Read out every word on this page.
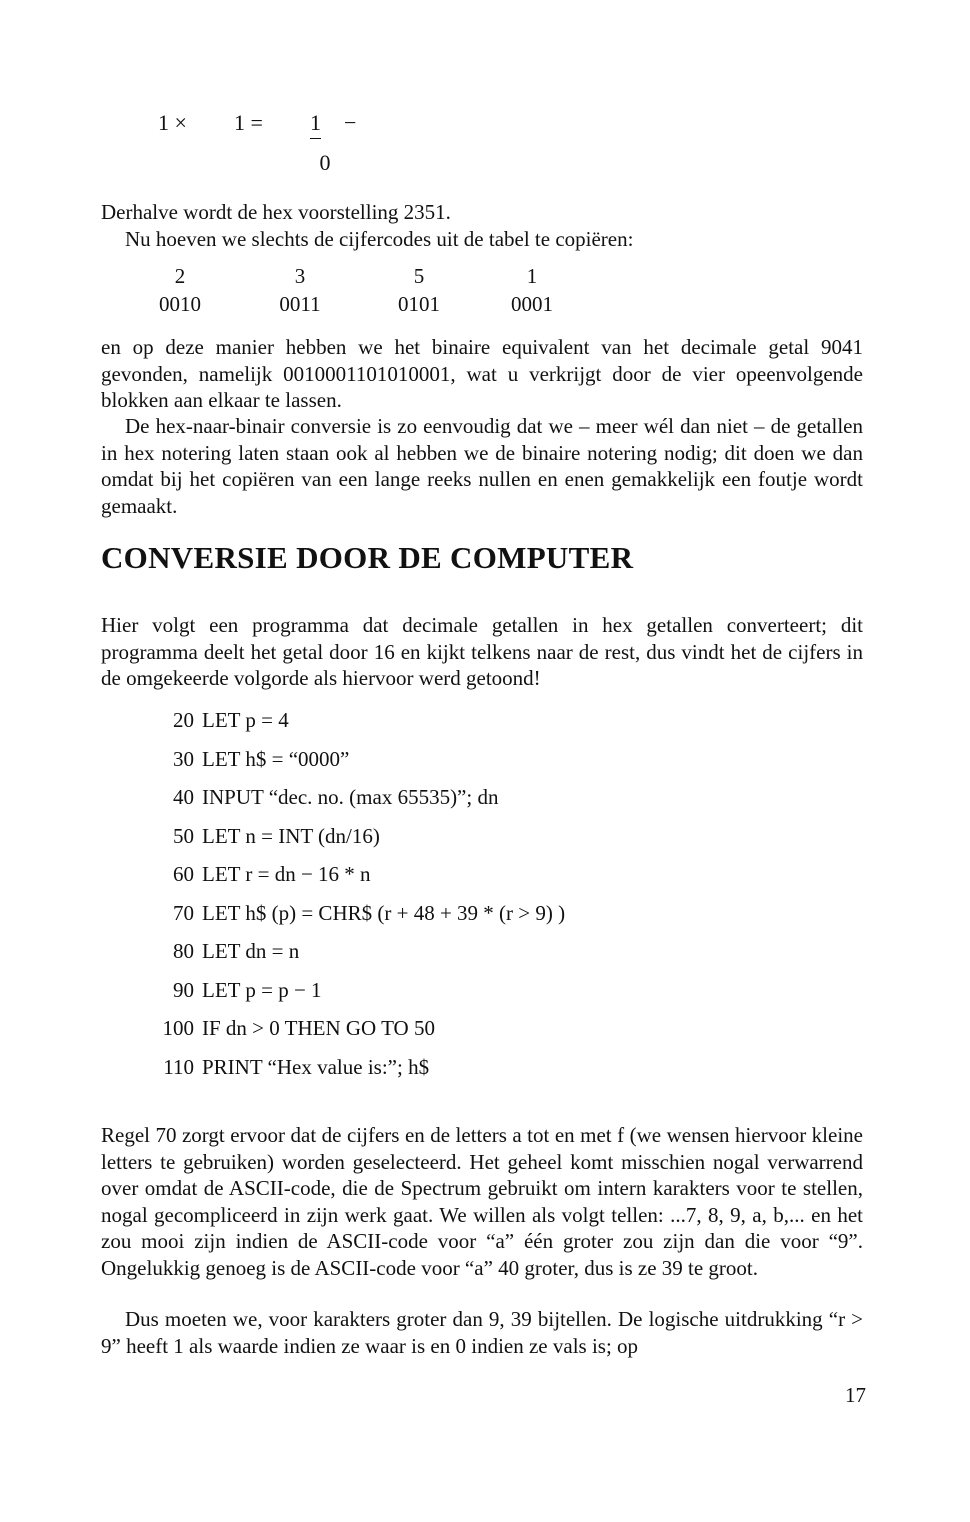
1 × 1 = 1 −
0

Derhalve wordt de hex voorstelling 2351.

Nu hoeven we slechts de cijfercodes uit de tabel te copiëren:

2	3	5	1
0010	0011	0101	0001

en op deze manier hebben we het binaire equivalent van het decimale getal 9041 gevonden, namelijk 0010001101010001, wat u verkrijgt door de vier opeenvolgende blokken aan elkaar te lassen.

De hex-naar-binair conversie is zo eenvoudig dat we – meer wél dan niet – de getallen in hex notering laten staan ook al hebben we de binaire notering nodig; dit doen we dan omdat bij het copiëren van een lange reeks nullen en enen gemakkelijk een foutje wordt gemaakt.

CONVERSIE DOOR DE COMPUTER

Hier volgt een programma dat decimale getallen in hex getallen converteert; dit programma deelt het getal door 16 en kijkt telkens naar de rest, dus vindt het de cijfers in de omgekeerde volgorde als hiervoor werd getoond!

20 LET p = 4
30 LET h$ = “0000”
40 INPUT “dec. no. (max 65535)”; dn
50 LET n = INT (dn/16)
60 LET r = dn − 16 * n
70 LET h$ (p) = CHR$ (r + 48 + 39 * (r > 9) )
80 LET dn = n
90 LET p = p − 1
100 IF dn > 0 THEN GO TO 50
110 PRINT “Hex value is:”; h$

Regel 70 zorgt ervoor dat de cijfers en de letters a tot en met f (we wensen hiervoor kleine letters te gebruiken) worden geselecteerd. Het geheel komt misschien nogal verwarrend over omdat de ASCII-code, die de Spectrum gebruikt om intern karakters voor te stellen, nogal gecompliceerd in zijn werk gaat. We willen als volgt tellen: ...7, 8, 9, a, b,... en het zou mooi zijn indien de ASCII-code voor “a” één groter zou zijn dan die voor “9”. Ongelukkig genoeg is de ASCII-code voor “a” 40 groter, dus is ze 39 te groot.

Dus moeten we, voor karakters groter dan 9, 39 bijtellen. De logische uitdrukking “r > 9” heeft 1 als waarde indien ze waar is en 0 indien ze vals is; op

17
